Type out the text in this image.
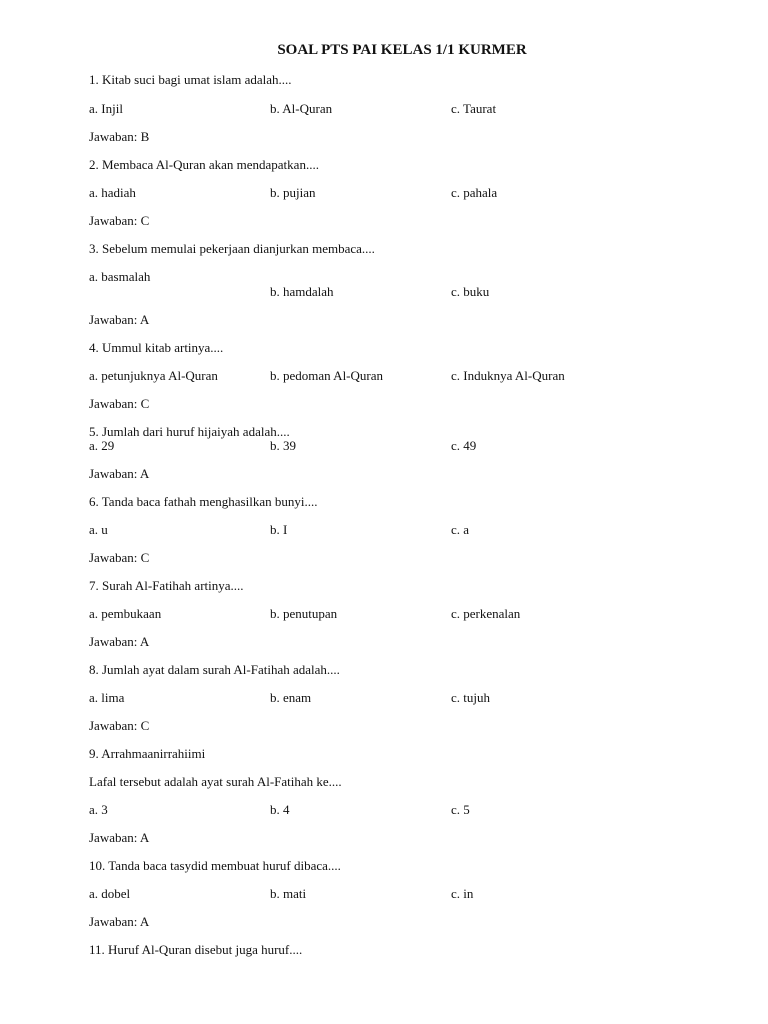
SOAL PTS PAI KELAS 1/1 KURMER
1. Kitab suci bagi umat islam adalah....
a. Injil	b. Al-Quran	c. Taurat
Jawaban: B
2. Membaca Al-Quran akan mendapatkan....
a. hadiah	b. pujian	c. pahala
Jawaban: C
3. Sebelum memulai pekerjaan dianjurkan membaca....
a. basmalah
b. hamdalah	c. buku
Jawaban: A
4. Ummul kitab artinya....
a. petunjuknya Al-Quran	b. pedoman Al-Quran	c. Induknya Al-Quran
Jawaban: C
5. Jumlah dari huruf hijaiyah adalah....
a. 29	b. 39	c. 49
Jawaban: A
6. Tanda baca fathah menghasilkan bunyi....
a. u	b. I	c. a
Jawaban: C
7. Surah Al-Fatihah artinya....
a. pembukaan	b. penutupan	c. perkenalan
Jawaban: A
8. Jumlah ayat dalam surah Al-Fatihah adalah....
a. lima	b. enam	c. tujuh
Jawaban: C
9. Arrahmaanirrahiimi
Lafal tersebut adalah ayat surah Al-Fatihah ke....
a. 3	b. 4	c. 5
Jawaban: A
10. Tanda baca tasydid membuat huruf dibaca....
a. dobel	b. mati	c. in
Jawaban: A
11. Huruf Al-Quran disebut juga huruf....
